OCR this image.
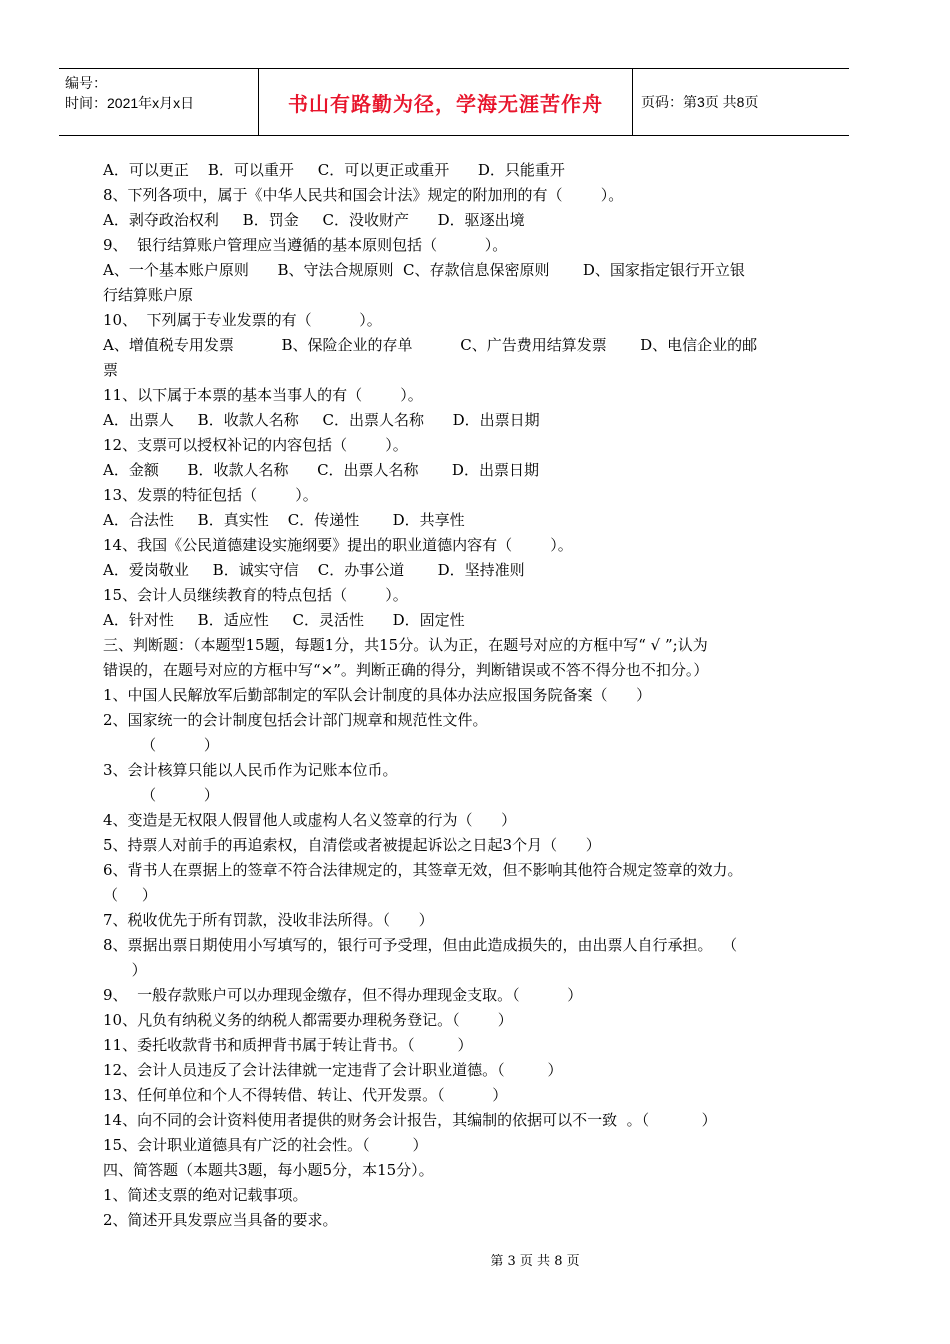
编号：
时间：2021年x月x日	书山有路勤为径，学海无涯苦作舟	页码：第3页 共8页

A．可以更正    B．可以重开     C．可以更正或重开      D．只能重开

8、下列各项中，属于《中华人民共和国会计法》规定的附加刑的有（        ）。

A．剥夺政治权利     B．罚金     C．没收财产      D．驱逐出境

9、  银行结算账户管理应当遵循的基本原则包括（          ）。

A、一个基本账户原则      B、守法合规原则  C、存款信息保密原则       D、国家指定银行开立银

行结算账户原

10、  下列属于专业发票的有（          ）。

A、增值税专用发票          B、保险企业的存单          C、广告费用结算发票       D、电信企业的邮

票

11、以下属于本票的基本当事人的有（        ）。

A．出票人     B．收款人名称     C．出票人名称      D．出票日期

12、支票可以授权补记的内容包括（        ）。

A．金额      B．收款人名称      C．出票人名称       D．出票日期

13、发票的特征包括（        ）。

A．合法性     B．真实性    C．传递性       D．共享性

14、我国《公民道德建设实施纲要》提出的职业道德内容有（        ）。

A．爱岗敬业     B．诚实守信    C．办事公道       D．坚持准则

15、会计人员继续教育的特点包括（        ）。

A．针对性     B．适应性     C．灵活性      D．固定性

三、判断题：（本题型15题，每题1分，共15分。认为正，在题号对应的方框中写“ √ ”;认为

错误的，在题号对应的方框中写“×”。判断正确的得分，判断错误或不答不得分也不扣分。）

1、中国人民解放军后勤部制定的军队会计制度的具体办法应报国务院备案（      ）

2、国家统一的会计制度包括会计部门规章和规范性文件。

（          ）

3、会计核算只能以人民币作为记账本位币。

（          ）

4、变造是无权限人假冒他人或虚构人名义签章的行为（      ）

5、持票人对前手的再追索权，自清偿或者被提起诉讼之日起3个月（      ）

6、背书人在票据上的签章不符合法律规定的，其签章无效，但不影响其他符合规定签章的效力。

（     ）

7、税收优先于所有罚款，没收非法所得。（      ）

8、票据出票日期使用小写填写的，银行可予受理，但由此造成损失的，由出票人自行承担。  （

）

9、  一般存款账户可以办理现金缴存，但不得办理现金支取。（          ）

10、凡负有纳税义务的纳税人都需要办理税务登记。（        ）

11、委托收款背书和质押背书属于转让背书。（         ）

12、会计人员违反了会计法律就一定违背了会计职业道德。（         ）

13、任何单位和个人不得转借、转让、代开发票。（          ）

14、向不同的会计资料使用者提供的财务会计报告，其编制的依据可以不一致  。（           ）

15、会计职业道德具有广泛的社会性。（         ）

四、简答题（本题共3题，每小题5分，本15分）。

1、简述支票的绝对记载事项。

2、简述开具发票应当具备的要求。

第 3 页 共 8 页
